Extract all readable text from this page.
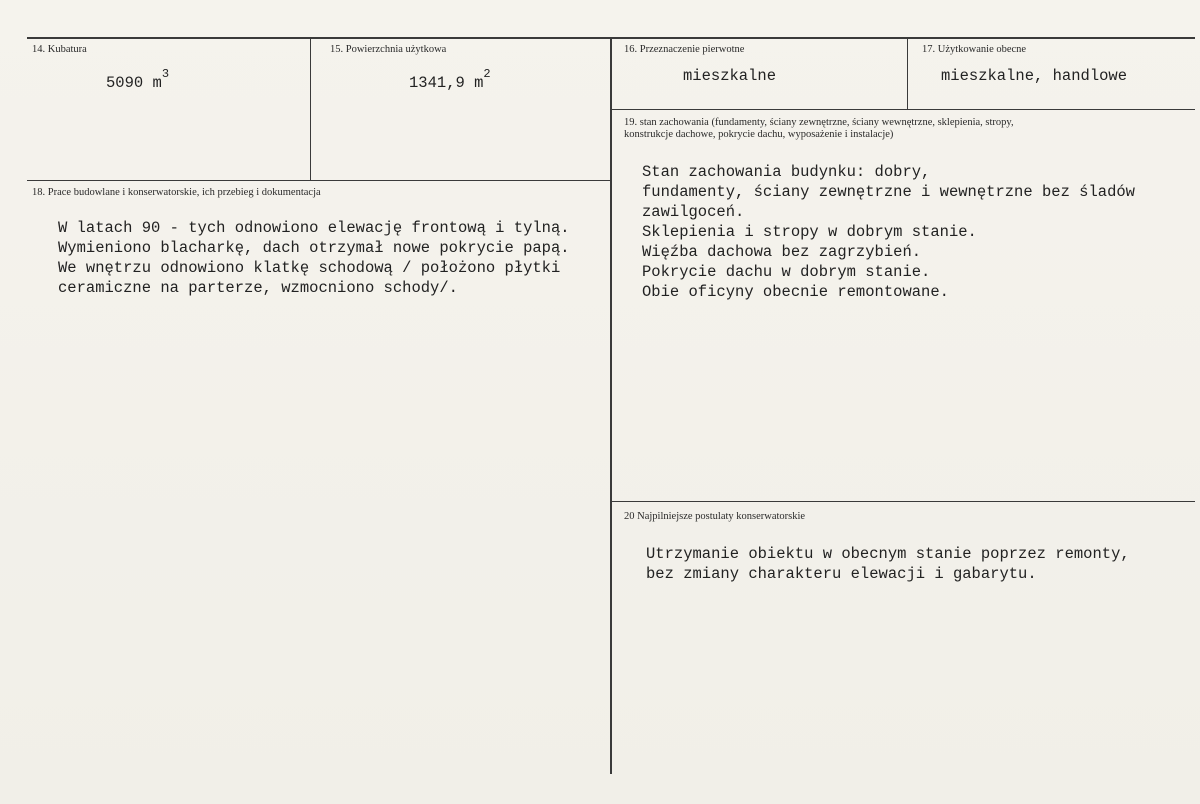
14. Kubatura
5090 $m^3$
15. Powierzchnia użytkowa
1341,9 $m^2$
16. Przeznaczenie pierwotne
mieszkalne
17. Użytkowanie obecne
mieszkalne, handlowe
18. Prace budowlane i konserwatorskie, ich przebieg i dokumentacja
W latach 90 - tych odnowiono elewację frontową i tylną.
Wymieniono blacharkę, dach otrzymał nowe pokrycie papą.
We wnętrzu odnowiono klatkę schodową / położono płytki
ceramiczne na parterze, wzmocniono schody/.
19. stan zachowania (fundamenty, ściany zewnętrzne, ściany wewnętrzne, sklepienia, stropy,
konstrukcje dachowe, pokrycie dachu, wyposażenie i instalacje)
Stan zachowania budynku: dobry,
fundamenty, ściany zewnętrzne i wewnętrzne bez śladów
zawilgoceń.
Sklepienia i stropy w dobrym stanie.
Więźba dachowa bez zagrzybień.
Pokrycie dachu w dobrym stanie.
Obie oficyny obecnie remontowane.
20 Najpilniejsze postulaty konserwatorskie
Utrzymanie obiektu w obecnym stanie poprzez remonty,
bez zmiany charakteru elewacji i gabarytu.
